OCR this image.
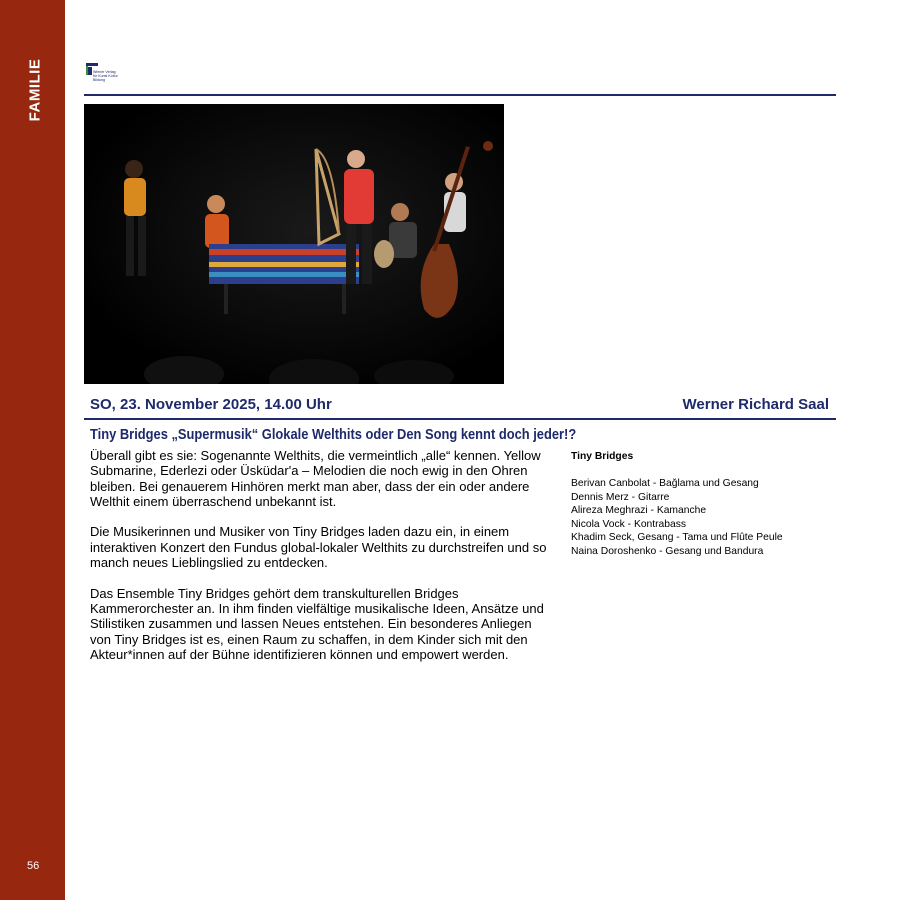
FAMILIE
56
Wiener Verlag
für Kunst Kultur
Bildung
SO, 23. November 2025, 14.00 Uhr	Werner Richard Saal
Tiny Bridges „Supermusik“ Glokale Welthits oder Den Song kennt doch jeder!?

Überall gibt es sie: Sogenannte Welthits, die vermeintlich „alle“ kennen. Yellow Submarine, Ederlezi oder Üsküdar'a – Melodien die noch ewig in den Ohren bleiben. Bei genauerem Hinhören merkt man aber, dass der ein oder andere Welthit einem überraschend unbekannt ist.

Die Musikerinnen und Musiker von Tiny Bridges laden dazu ein, in einem interaktiven Konzert den Fundus global-lokaler Welthits zu durchstreifen und so manch neues Lieblingslied zu entdecken.

Das Ensemble Tiny Bridges gehört dem transkulturellen Bridges Kammerorchester an. In ihm finden vielfältige musikalische Ideen, Ansätze und Stilistiken zusammen und lassen Neues entstehen. Ein besonderes Anliegen von Tiny Bridges ist es, einen Raum zu schaffen, in dem Kinder sich mit den Akteur*innen auf der Bühne identifizieren können und empowert werden.

Tiny Bridges
Berivan Canbolat - Bağlama und Gesang
Dennis Merz - Gitarre
Alireza Meghrazi - Kamanche
Nicola Vock - Kontrabass
Khadim Seck, Gesang - Tama und Flûte Peule
Naina Doroshenko - Gesang und Bandura
